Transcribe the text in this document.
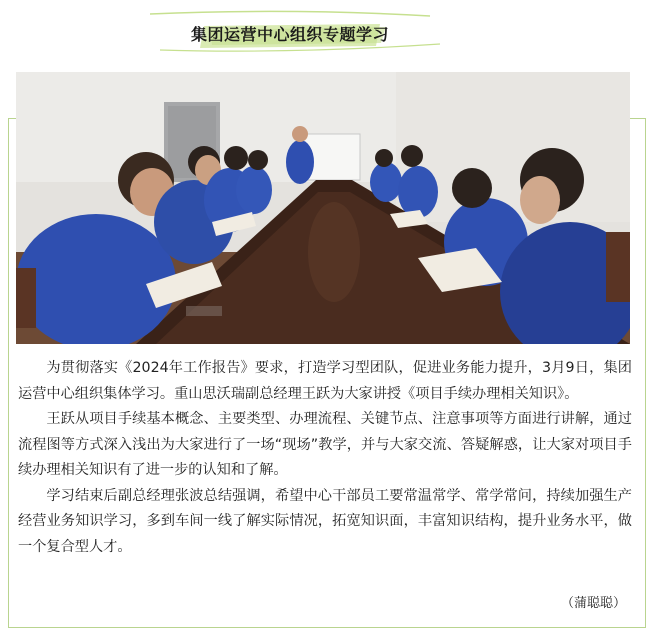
集团运营中心组织专题学习

为贯彻落实《2024年工作报告》要求，打造学习型团队，促进业务能力提升，3月9日，集团运营中心组织集体学习。重山思沃瑞副总经理王跃为大家讲授《项目手续办理相关知识》。

王跃从项目手续基本概念、主要类型、办理流程、关键节点、注意事项等方面进行讲解，通过流程图等方式深入浅出为大家进行了一场“现场”教学，并与大家交流、答疑解惑，让大家对项目手续办理相关知识有了进一步的认知和了解。

学习结束后副总经理张波总结强调，希望中心干部员工要常温常学、常学常问，持续加强生产经营业务知识学习，多到车间一线了解实际情况，拓宽知识面，丰富知识结构，提升业务水平，做一个复合型人才。

（蒲聪聪）
